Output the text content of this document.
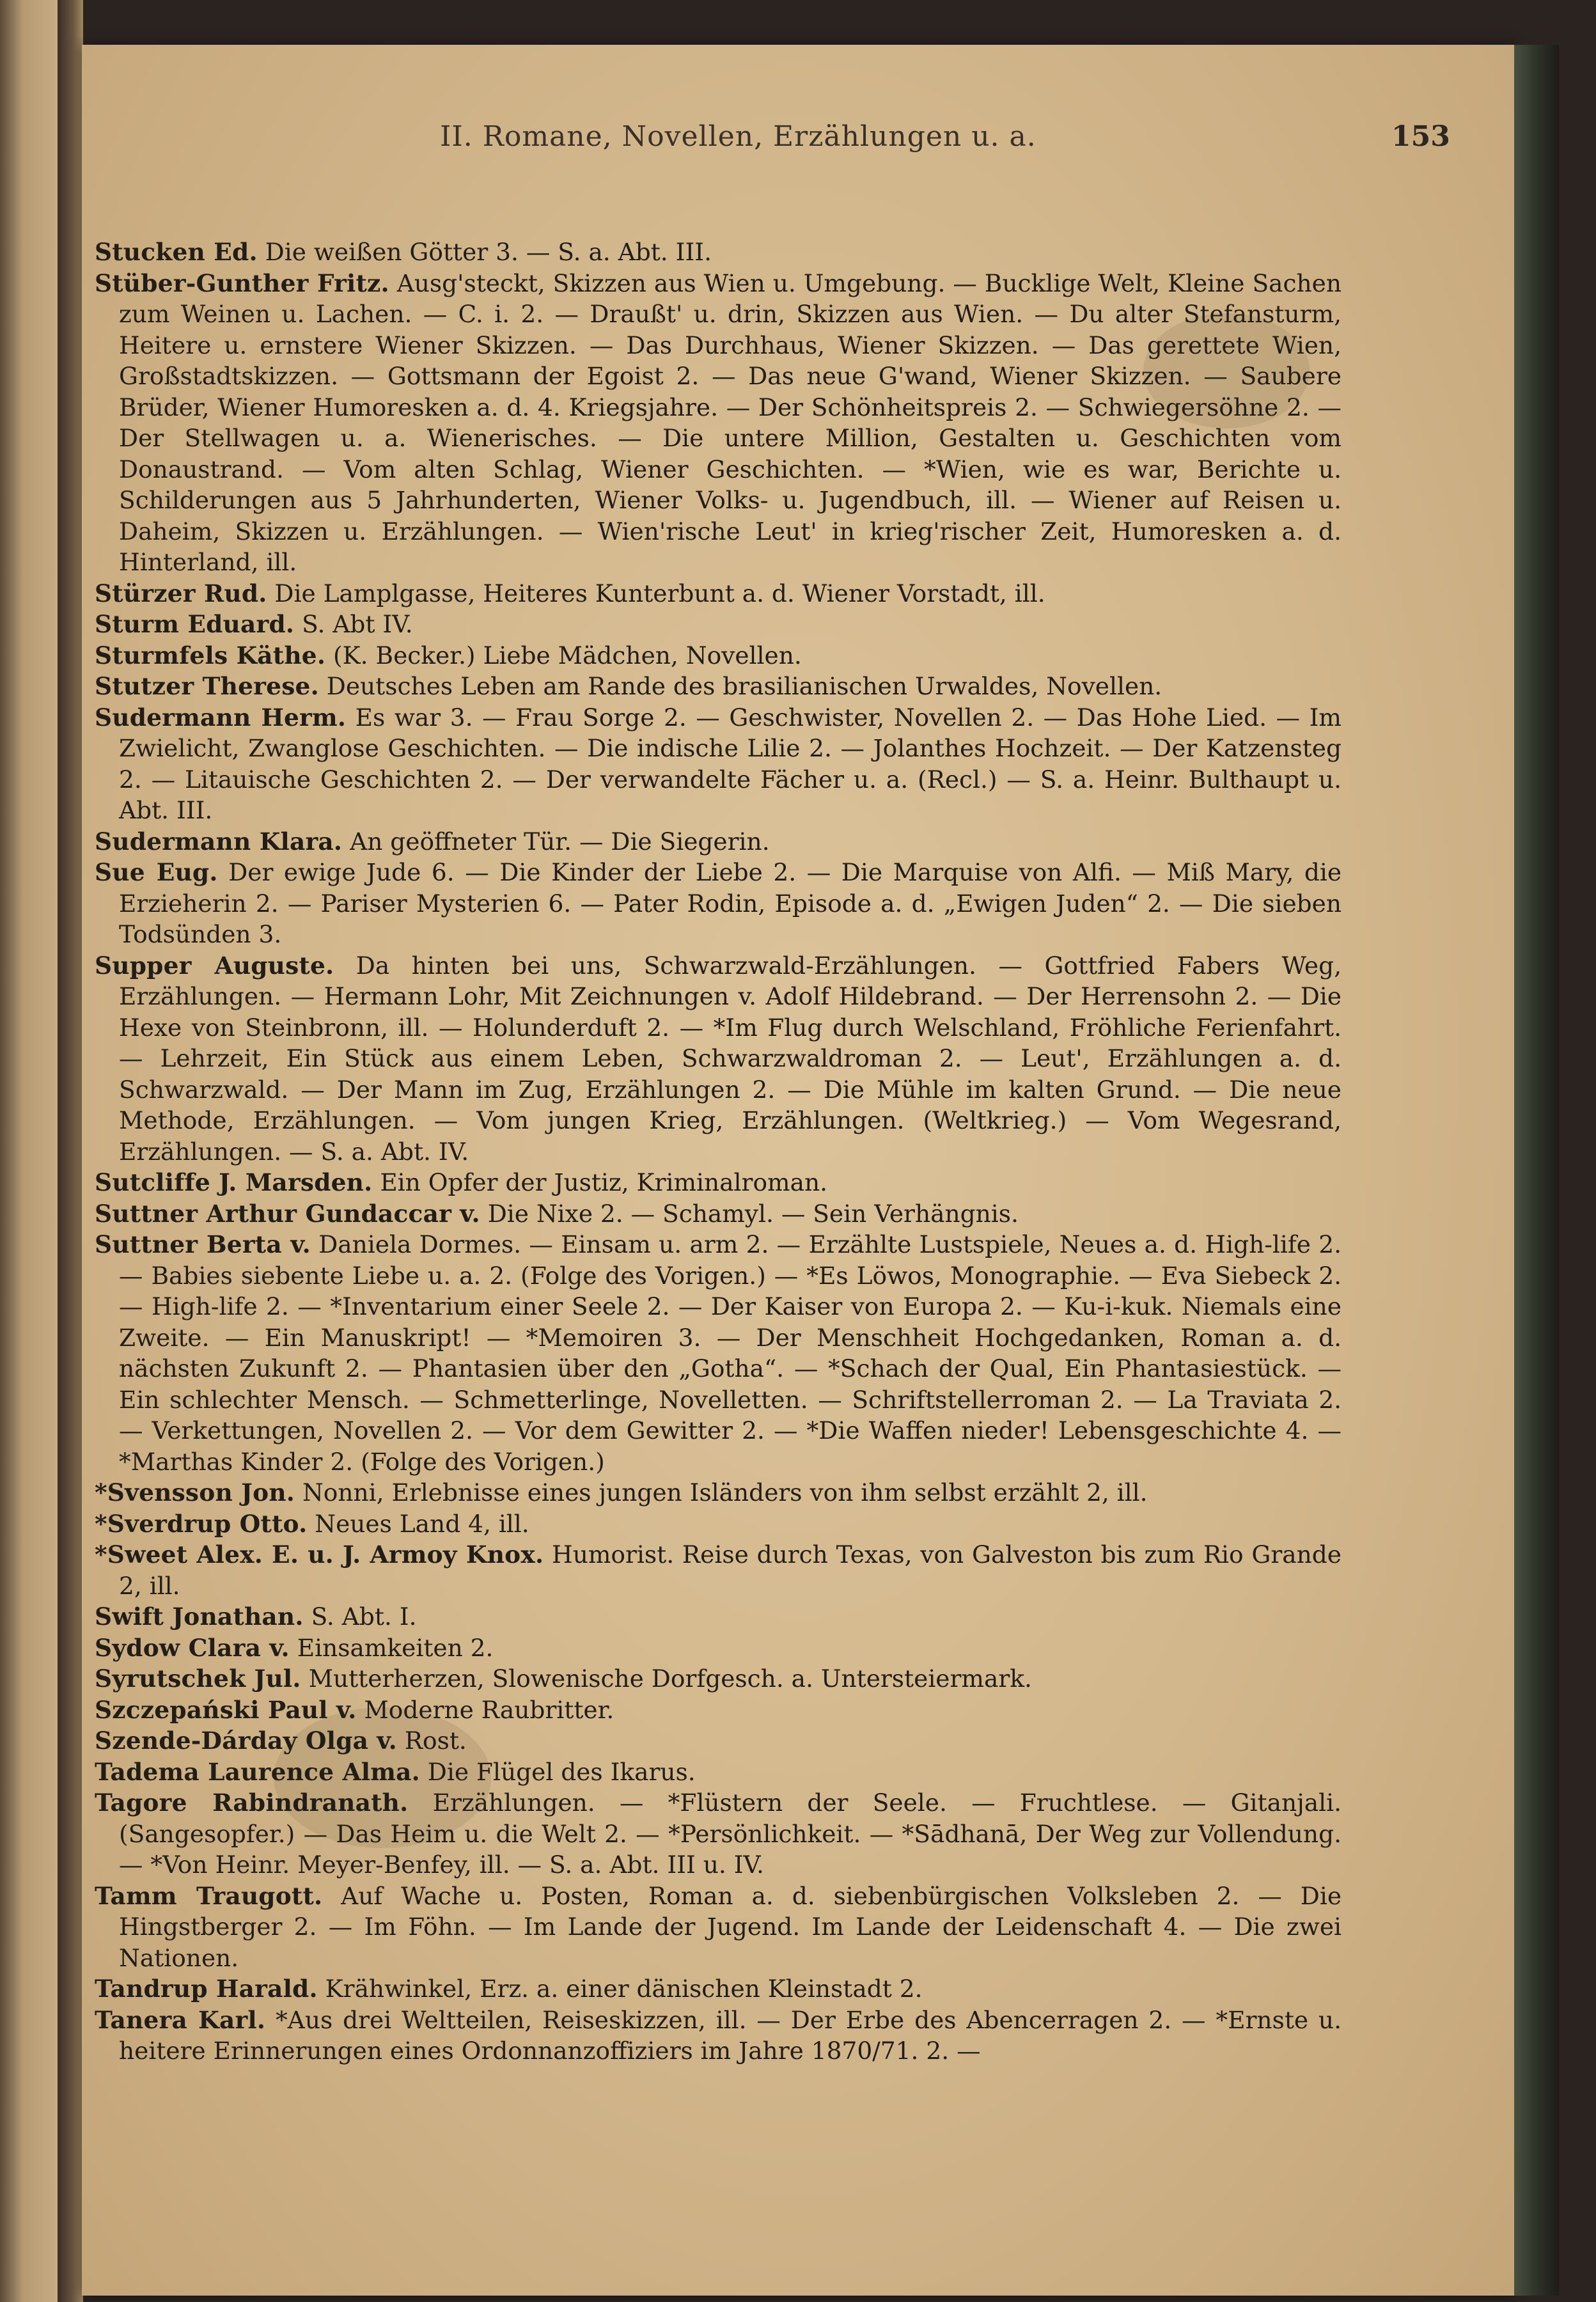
II. Romane, Novellen, Erzählungen u. a.	153
Stucken Ed. Die weißen Götter 3. — S. a. Abt. III.
Stüber-Gunther Fritz. Ausg'steckt, Skizzen aus Wien u. Umgebung. — Bucklige Welt, Kleine Sachen zum Weinen u. Lachen. — C. i. 2. — Draußt' u. drin, Skizzen aus Wien. — Du alter Stefansturm, Heitere u. ernstere Wiener Skizzen. — Das Durchhaus, Wiener Skizzen. — Das gerettete Wien, Großstadtskizzen. — Gottsmann der Egoist 2. — Das neue G'wand, Wiener Skizzen. — Saubere Brüder, Wiener Humoresken a. d. 4. Kriegsjahre. — Der Schönheitspreis 2. — Schwiegersöhne 2. — Der Stellwagen u. a. Wienerisches. — Die untere Million, Gestalten u. Geschichten vom Donaustrand. — Vom alten Schlag, Wiener Geschichten. — *Wien, wie es war, Berichte u. Schilderungen aus 5 Jahrhunderten, Wiener Volks- u. Jugendbuch, ill. — Wiener auf Reisen u. Daheim, Skizzen u. Erzählungen. — Wien'rische Leut' in krieg'rischer Zeit, Humoresken a. d. Hinterland, ill.
Stürzer Rud. Die Lamplgasse, Heiteres Kunterbunt a. d. Wiener Vorstadt, ill.
Sturm Eduard. S. Abt IV.
Sturmfels Käthe. (K. Becker.) Liebe Mädchen, Novellen.
Stutzer Therese. Deutsches Leben am Rande des brasilianischen Urwaldes, Novellen.
Sudermann Herm. Es war 3. — Frau Sorge 2. — Geschwister, Novellen 2. — Das Hohe Lied. — Im Zwielicht, Zwanglose Geschichten. — Die indische Lilie 2. — Jolanthes Hochzeit. — Der Katzensteg 2. — Litauische Geschichten 2. — Der verwandelte Fächer u. a. (Recl.) — S. a. Heinr. Bulthaupt u. Abt. III.
Sudermann Klara. An geöffneter Tür. — Die Siegerin.
Sue Eug. Der ewige Jude 6. — Die Kinder der Liebe 2. — Die Marquise von Alfi. — Miß Mary, die Erzieherin 2. — Pariser Mysterien 6. — Pater Rodin, Episode a. d. „Ewigen Juden“ 2. — Die sieben Todsünden 3.
Supper Auguste. Da hinten bei uns, Schwarzwald-Erzählungen. — Gottfried Fabers Weg, Erzählungen. — Hermann Lohr, Mit Zeichnungen v. Adolf Hildebrand. — Der Herrensohn 2. — Die Hexe von Steinbronn, ill. — Holunderduft 2. — *Im Flug durch Welschland, Fröhliche Ferienfahrt. — Lehrzeit, Ein Stück aus einem Leben, Schwarzwaldroman 2. — Leut', Erzählungen a. d. Schwarzwald. — Der Mann im Zug, Erzählungen 2. — Die Mühle im kalten Grund. — Die neue Methode, Erzählungen. — Vom jungen Krieg, Erzählungen. (Weltkrieg.) — Vom Wegesrand, Erzählungen. — S. a. Abt. IV.
Sutcliffe J. Marsden. Ein Opfer der Justiz, Kriminalroman.
Suttner Arthur Gundaccar v. Die Nixe 2. — Schamyl. — Sein Verhängnis.
Suttner Berta v. Daniela Dormes. — Einsam u. arm 2. — Erzählte Lustspiele, Neues a. d. High-life 2. — Babies siebente Liebe u. a. 2. (Folge des Vorigen.) — *Es Löwos, Monographie. — Eva Siebeck 2. — High-life 2. — *Inventarium einer Seele 2. — Der Kaiser von Europa 2. — Ku-i-kuk. Niemals eine Zweite. — Ein Manuskript! — *Memoiren 3. — Der Menschheit Hochgedanken, Roman a. d. nächsten Zukunft 2. — Phantasien über den „Gotha“. — *Schach der Qual, Ein Phantasiestück. — Ein schlechter Mensch. — Schmetterlinge, Novelletten. — Schriftstellerroman 2. — La Traviata 2. — Verkettungen, Novellen 2. — Vor dem Gewitter 2. — *Die Waffen nieder! Lebensgeschichte 4. — *Marthas Kinder 2. (Folge des Vorigen.)
*Svensson Jon. Nonni, Erlebnisse eines jungen Isländers von ihm selbst erzählt 2, ill.
*Sverdrup Otto. Neues Land 4, ill.
*Sweet Alex. E. u. J. Armoy Knox. Humorist. Reise durch Texas, von Galveston bis zum Rio Grande 2, ill.
Swift Jonathan. S. Abt. I.
Sydow Clara v. Einsamkeiten 2.
Syrutschek Jul. Mutterherzen, Slowenische Dorfgesch. a. Untersteiermark.
Szczepański Paul v. Moderne Raubritter.
Szende-Dárday Olga v. Rost.
Tadema Laurence Alma. Die Flügel des Ikarus.
Tagore Rabindranath. Erzählungen. — *Flüstern der Seele. — Fruchtlese. — Gitanjali. (Sangesopfer.) — Das Heim u. die Welt 2. — *Persönlichkeit. — *Sādhanā, Der Weg zur Vollendung. — *Von Heinr. Meyer-Benfey, ill. — S. a. Abt. III u. IV.
Tamm Traugott. Auf Wache u. Posten, Roman a. d. siebenbürgischen Volksleben 2. — Die Hingstberger 2. — Im Föhn. — Im Lande der Jugend. Im Lande der Leidenschaft 4. — Die zwei Nationen.
Tandrup Harald. Krähwinkel, Erz. a. einer dänischen Kleinstadt 2.
Tanera Karl. *Aus drei Weltteilen, Reiseskizzen, ill. — Der Erbe des Abencerragen 2. — *Ernste u. heitere Erinnerungen eines Ordonnanzoffiziers im Jahre 1870/71. 2. —
